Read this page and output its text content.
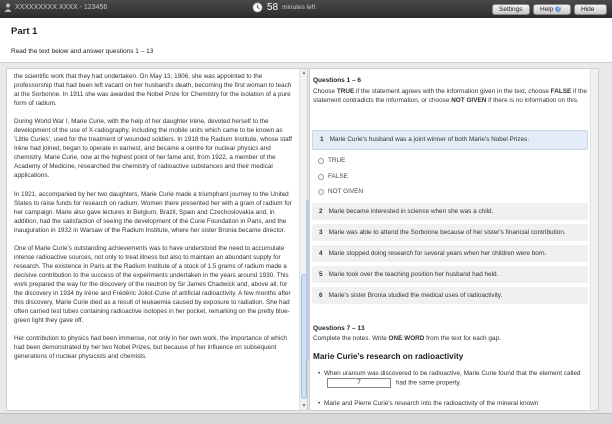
XXXXXXXXX XXXX - 123456	58 minutes left	Settings	Help ?	Hide
Part 1
Read the text below and answer questions 1 – 13

the scientific work that they had undertaken. On May 13, 1906, she was appointed to the professorship that had been left vacant on her husband's death, becoming the first woman to teach at the Sorbonne. In 1911 she was awarded the Nobel Prize for Chemistry for the isolation of a pure form of radium.

During World War I, Marie Curie, with the help of her daughter Irène, devoted herself to the development of the use of X-radiography, including the mobile units which came to be known as 'Little Curies', used for the treatment of wounded soldiers. In 1918 the Radium Institute, whose staff Irène had joined, began to operate in earnest, and became a centre for nuclear physics and chemistry. Marie Curie, now at the highest point of her fame and, from 1922, a member of the Academy of Medicine, researched the chemistry of radioactive substances and their medical applications.

In 1921, accompanied by her two daughters, Marie Curie made a triumphant journey to the United States to raise funds for research on radium. Women there presented her with a gram of radium for her campaign. Marie also gave lectures in Belgium, Brazil, Spain and Czechoslovakia and, in addition, had the satisfaction of seeing the development of the Curie Foundation in Paris, and the inauguration in 1932 in Warsaw of the Radium Institute, where her sister Bronia became director.

One of Marie Curie's outstanding achievements was to have understood the need to accumulate intense radioactive sources, not only to treat illness but also to maintain an abundant supply for research. The existence in Paris at the Radium Institute of a stock of 1.5 grams of radium made a decisive contribution to the success of the experiments undertaken in the years around 1930. This work prepared the way for the discovery of the neutron by Sir James Chadwick and, above all, for the discovery in 1934 by Irène and Frédéric Joliot-Curie of artificial radioactivity. A few months after this discovery, Marie Curie died as a result of leukaemia caused by exposure to radiation. She had often carried test tubes containing radioactive isotopes in her pocket, remarking on the pretty blue-green light they gave off.

Her contribution to physics had been immense, not only in her own work, the importance of which had been demonstrated by her two Nobel Prizes, but because of her influence on subsequent generations of nuclear physicists and chemists.

▲
▼
Questions 1 – 6
Choose TRUE if the statement agrees with the information given in the text, choose FALSE if the statement contradicts the information, or choose NOT GIVEN if there is no information on this.
1 Marie Curie's husband was a joint winner of both Marie's Nobel Prizes.
TRUE
FALSE
NOT GIVEN
2 Marie became interested in science when she was a child.
3 Marie was able to attend the Sorbonne because of her sister's financial contribution.
4 Marie stopped doing research for several years when her children were born.
5 Marie took over the teaching position her husband had held.
6 Marie's sister Bronia studied the medical uses of radioactivity.
Questions 7 – 13
Complete the notes. Write ONE WORD from the text for each gap.
Marie Curie's research on radioactivity
• When uranium was discovered to be radioactive, Marie Curie found that the element called 7	had the same property.
• Marie and Pierre Curie's research into the radioactivity of the mineral known
